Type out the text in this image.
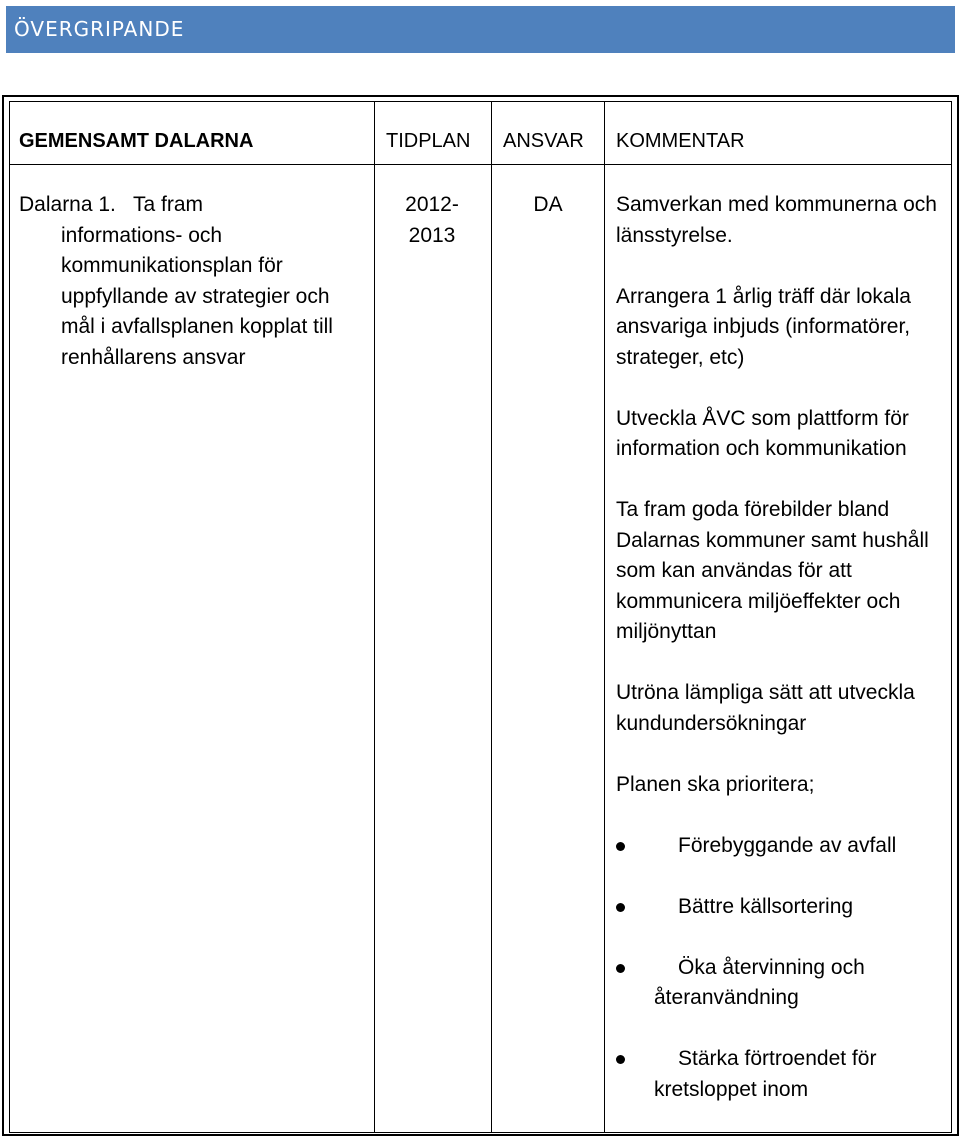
ÖVERGRIPANDE
GEMENSAMT DALARNA	TIDPLAN ANSVAR KOMMENTAR
Dalarna 1.   Ta fram
informations- och kommunikationsplan för uppfyllande av strategier och mål i avfallsplanen kopplat till renhållarens ansvar
2012-2013
DA	Samverkan med kommunerna och länsstyrelse.

Arrangera 1 årlig träff där lokala ansvariga inbjuds (informatörer, strateger, etc)

Utveckla ÅVC som plattform för information och kommunikation

Ta fram goda förebilder bland Dalarnas kommuner samt hushåll som kan användas för att kommunicera miljöeffekter och miljönyttan

Utröna lämpliga sätt att utveckla kundundersökningar

Planen ska prioritera;

Förebyggande av avfall
Bättre källsortering
Öka återvinning och återanvändning
Stärka förtroendet för kretsloppet inom
